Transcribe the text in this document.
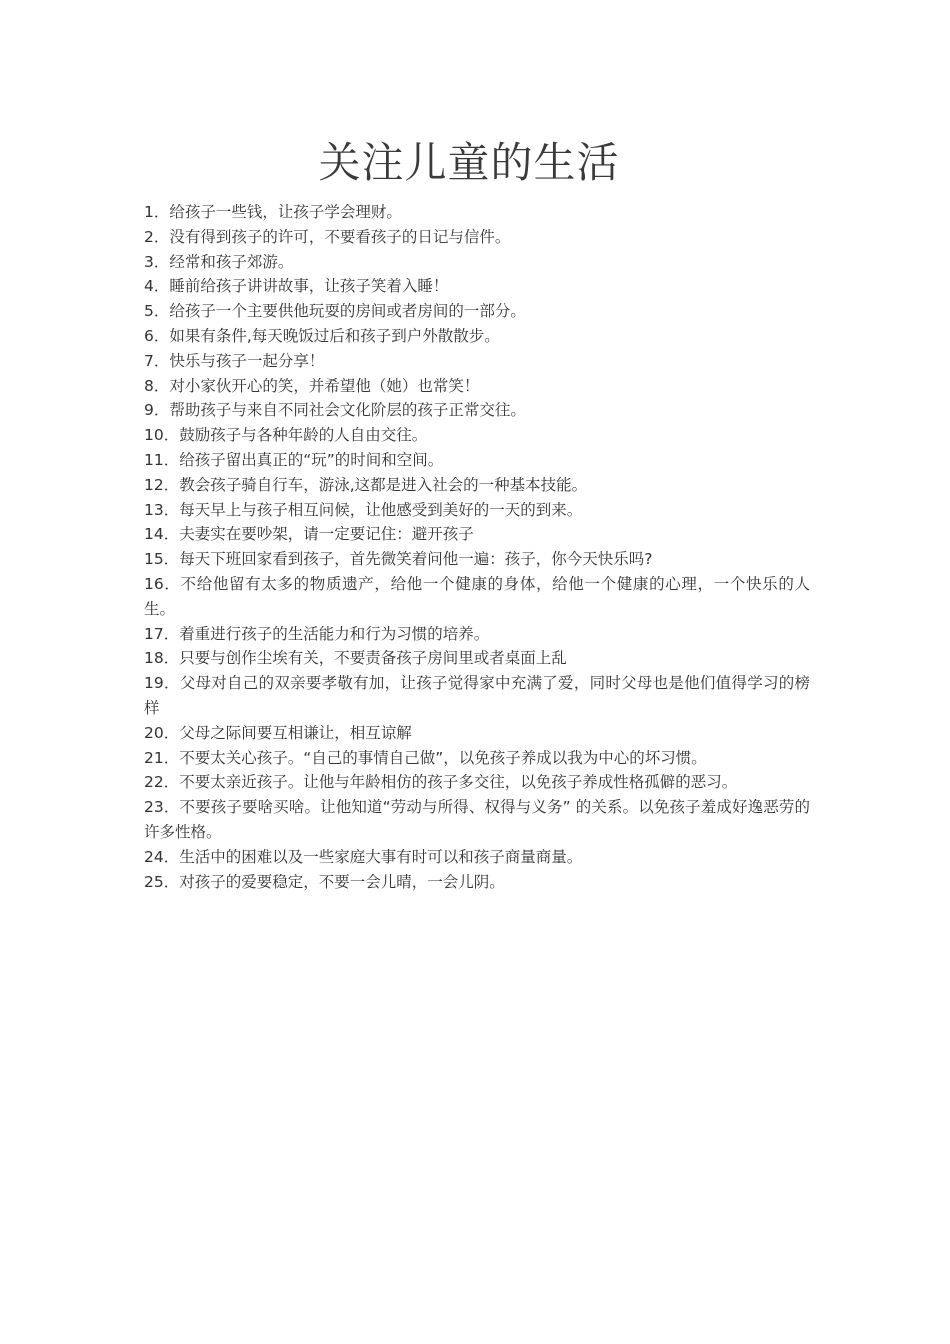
关注儿童的生活
1．给孩子一些钱，让孩子学会理财。
2．没有得到孩子的许可，不要看孩子的日记与信件。
3．经常和孩子郊游。
4．睡前给孩子讲讲故事，让孩子笑着入睡！
5．给孩子一个主要供他玩耍的房间或者房间的一部分。
6．如果有条件,每天晚饭过后和孩子到户外散散步。
7．快乐与孩子一起分享！
8．对小家伙开心的笑，并希望他（她）也常笑！
9．帮助孩子与来自不同社会文化阶层的孩子正常交往。
10．鼓励孩子与各种年龄的人自由交往。
11．给孩子留出真正的“玩”的时间和空间。
12．教会孩子骑自行车，游泳,这都是进入社会的一种基本技能。
13．每天早上与孩子相互问候，让他感受到美好的一天的到来。
14．夫妻实在要吵架，请一定要记住：避开孩子
15．每天下班回家看到孩子，首先微笑着问他一遍：孩子，你今天快乐吗?
16．不给他留有太多的物质遗产，给他一个健康的身体，给他一个健康的心理，一个快乐的人生。
17．着重进行孩子的生活能力和行为习惯的培养。
18．只要与创作尘埃有关，不要责备孩子房间里或者桌面上乱
19．父母对自己的双亲要孝敬有加，让孩子觉得家中充满了爱，同时父母也是他们值得学习的榜样
20．父母之际间要互相谦让，相互谅解
21．不要太关心孩子。“自己的事情自己做”，以免孩子养成以我为中心的坏习惯。
22．不要太亲近孩子。让他与年龄相仿的孩子多交往，以免孩子养成性格孤僻的恶习。
23．不要孩子要啥买啥。让他知道“劳动与所得、权得与义务” 的关系。以免孩子羞成好逸恶劳的许多性格。
24．生活中的困难以及一些家庭大事有时可以和孩子商量商量。
25．对孩子的爱要稳定，不要一会儿晴，一会儿阴。
